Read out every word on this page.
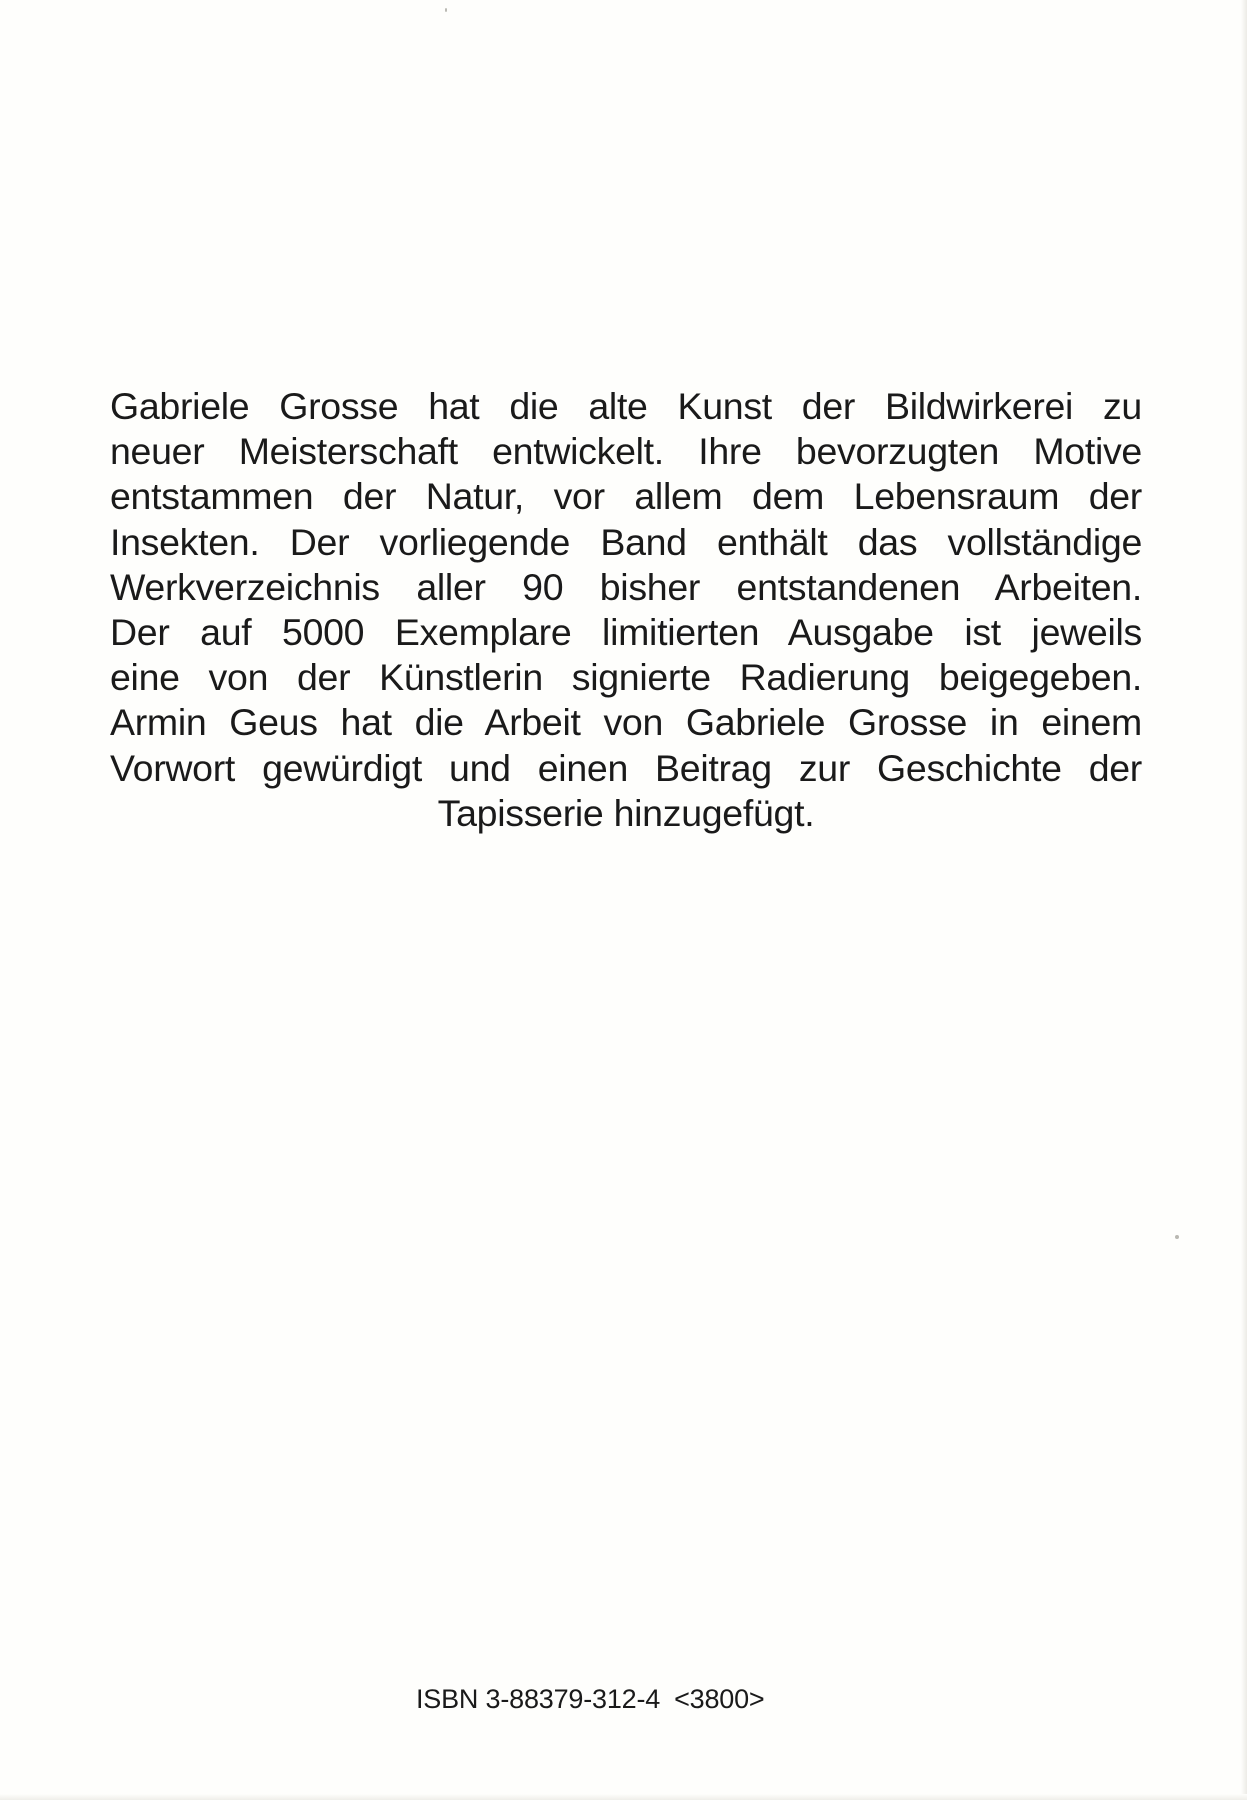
Gabriele Grosse hat die alte Kunst der Bildwirkerei zu
neuer Meisterschaft entwickelt. Ihre bevorzugten Motive
entstammen der Natur, vor allem dem Lebensraum der
Insekten. Der vorliegende Band enthält das vollständige
Werkverzeichnis aller 90 bisher entstandenen Arbeiten.
Der auf 5000 Exemplare limitierten Ausgabe ist jeweils
eine von der Künstlerin signierte Radierung beigegeben.
Armin Geus hat die Arbeit von Gabriele Grosse in einem
Vorwort gewürdigt und einen Beitrag zur Geschichte der
Tapisserie hinzugefügt.
ISBN 3-88379-312-4 <3800>
